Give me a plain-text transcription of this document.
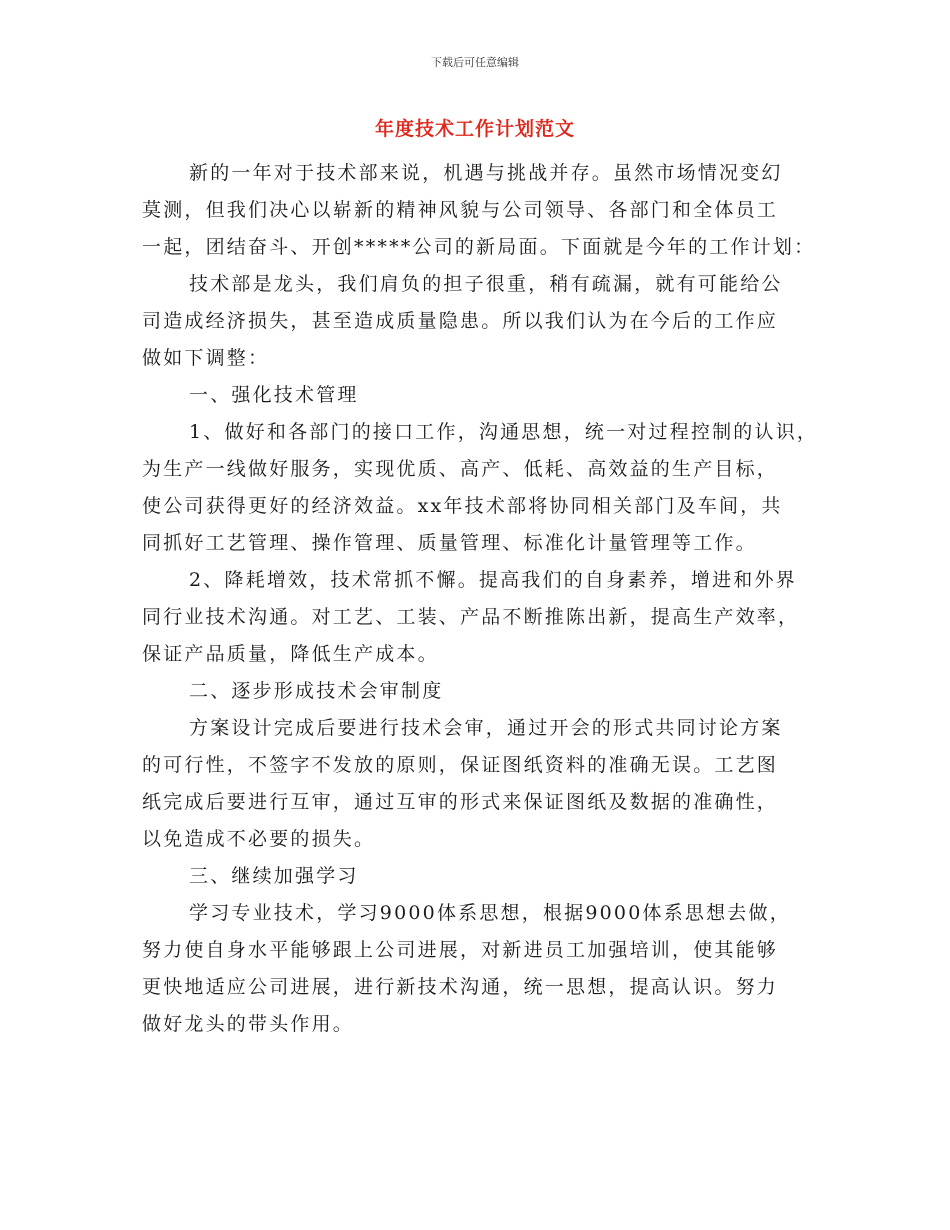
下载后可任意编辑
年度技术工作计划范文
新的一年对于技术部来说，机遇与挑战并存。虽然市场情况变幻
莫测，但我们决心以崭新的精神风貌与公司领导、各部门和全体员工
一起，团结奋斗、开创*****公司的新局面。下面就是今年的工作计划：
技术部是龙头，我们肩负的担子很重，稍有疏漏，就有可能给公
司造成经济损失，甚至造成质量隐患。所以我们认为在今后的工作应
做如下调整：
一、强化技术管理
1、做好和各部门的接口工作，沟通思想，统一对过程控制的认识，
为生产一线做好服务，实现优质、高产、低耗、高效益的生产目标，
使公司获得更好的经济效益。xx年技术部将协同相关部门及车间，共
同抓好工艺管理、操作管理、质量管理、标准化计量管理等工作。
2、降耗增效，技术常抓不懈。提高我们的自身素养，增进和外界
同行业技术沟通。对工艺、工装、产品不断推陈出新，提高生产效率，
保证产品质量，降低生产成本。
二、逐步形成技术会审制度
方案设计完成后要进行技术会审，通过开会的形式共同讨论方案
的可行性，不签字不发放的原则，保证图纸资料的准确无误。工艺图
纸完成后要进行互审，通过互审的形式来保证图纸及数据的准确性，
以免造成不必要的损失。
三、继续加强学习
学习专业技术，学习9000体系思想，根据9000体系思想去做，
努力使自身水平能够跟上公司进展，对新进员工加强培训，使其能够
更快地适应公司进展，进行新技术沟通，统一思想，提高认识。努力
做好龙头的带头作用。
